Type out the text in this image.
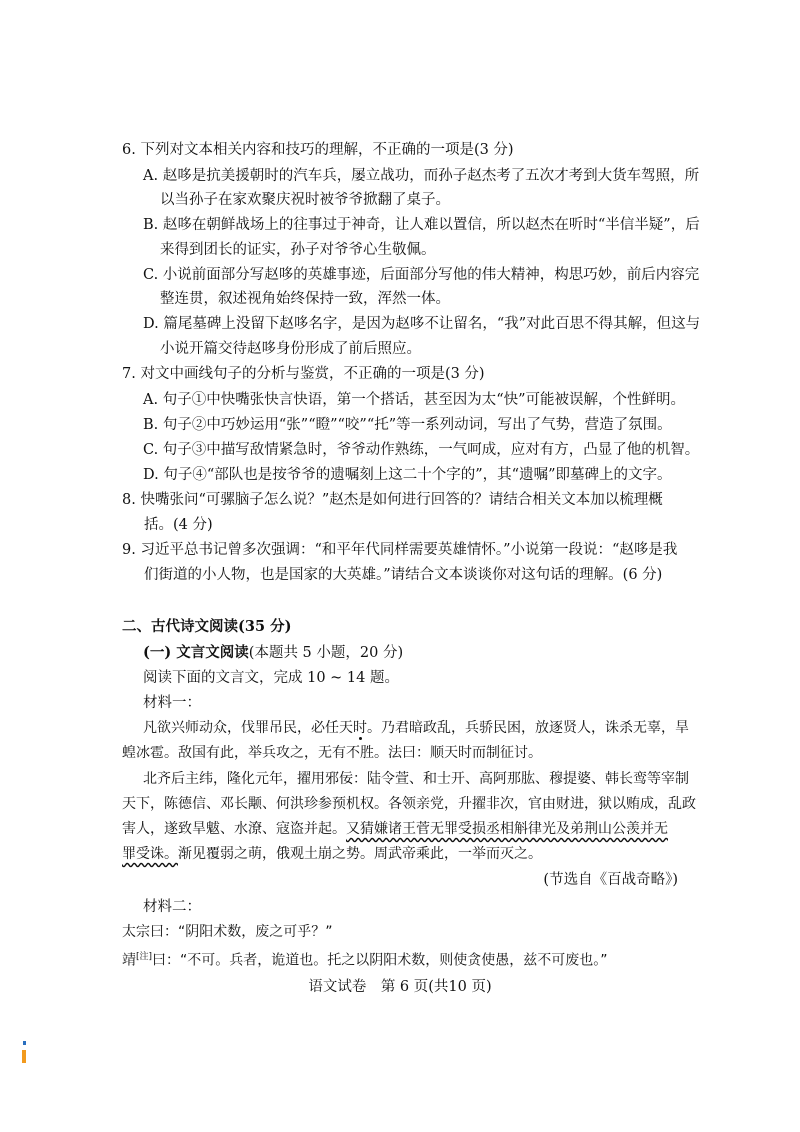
6. 下列对文本相关内容和技巧的理解，不正确的一项是(3 分)
A. 赵哆是抗美援朝时的汽车兵，屡立战功，而孙子赵杰考了五次才考到大货车驾照，所
以当孙子在家欢聚庆祝时被爷爷掀翻了桌子。
B. 赵哆在朝鲜战场上的往事过于神奇，让人难以置信，所以赵杰在听时“半信半疑”，后
来得到团长的证实，孙子对爷爷心生敬佩。
C. 小说前面部分写赵哆的英雄事迹，后面部分写他的伟大精神，构思巧妙，前后内容完
整连贯，叙述视角始终保持一致，浑然一体。
D. 篇尾墓碑上没留下赵哆名字，是因为赵哆不让留名，“我”对此百思不得其解，但这与
小说开篇交待赵哆身份形成了前后照应。
7. 对文中画线句子的分析与鉴赏，不正确的一项是(3 分)
A. 句子①中快嘴张快言快语，第一个搭话，甚至因为太“快”可能被误解，个性鲜明。
B. 句子②中巧妙运用“张”“瞪”“咬”“托”等一系列动词，写出了气势，营造了氛围。
C. 句子③中描写敌情紧急时，爷爷动作熟练，一气呵成，应对有方，凸显了他的机智。
D. 句子④“部队也是按爷爷的遗嘱刻上这二十个字的”，其“遗嘱”即墓碑上的文字。
8. 快嘴张问“可骡脑子怎么说？”赵杰是如何进行回答的？请结合相关文本加以梳理概
括。(4 分)
9. 习近平总书记曾多次强调：“和平年代同样需要英雄情怀。”小说第一段说：“赵哆是我
们街道的小人物，也是国家的大英雄。”请结合文本谈谈你对这句话的理解。(6 分)
二、古代诗文阅读(35 分)
(一) 文言文阅读(本题共 5 小题，20 分)
阅读下面的文言文，完成 10 ~ 14 题。
材料一：
凡欲兴师动众，伐罪吊民，必任天时。乃君暗政乱，兵骄民困，放逐贤人，诛杀无辜，旱
蝗冰雹。敌国有此，举兵攻之，无有不胜。法曰：顺天时而制征讨。
北齐后主纬，隆化元年，擢用邪佞：陆令萱、和士开、高阿那肱、穆提婆、韩长鸾等宰制
天下，陈德信、邓长颙、何洪珍参预机权。各领亲党，升擢非次，官由财进，狱以贿成，乱政
害人，遂致旱魃、水潦、寇盗并起。又猜嫌诸王菅无罪受损丞相斛律光及弟荆山公羡并无
罪受诛。渐见覆弱之萌，俄观土崩之势。周武帝乘此，一举而灭之。
(节选自《百战奇略》)
材料二：
太宗曰：“阴阳术数，废之可乎？”
靖[注]曰：“不可。兵者，诡道也。托之以阴阳术数，则使贪使愚，兹不可废也。”
语文试卷　第 6 页(共10 页)
